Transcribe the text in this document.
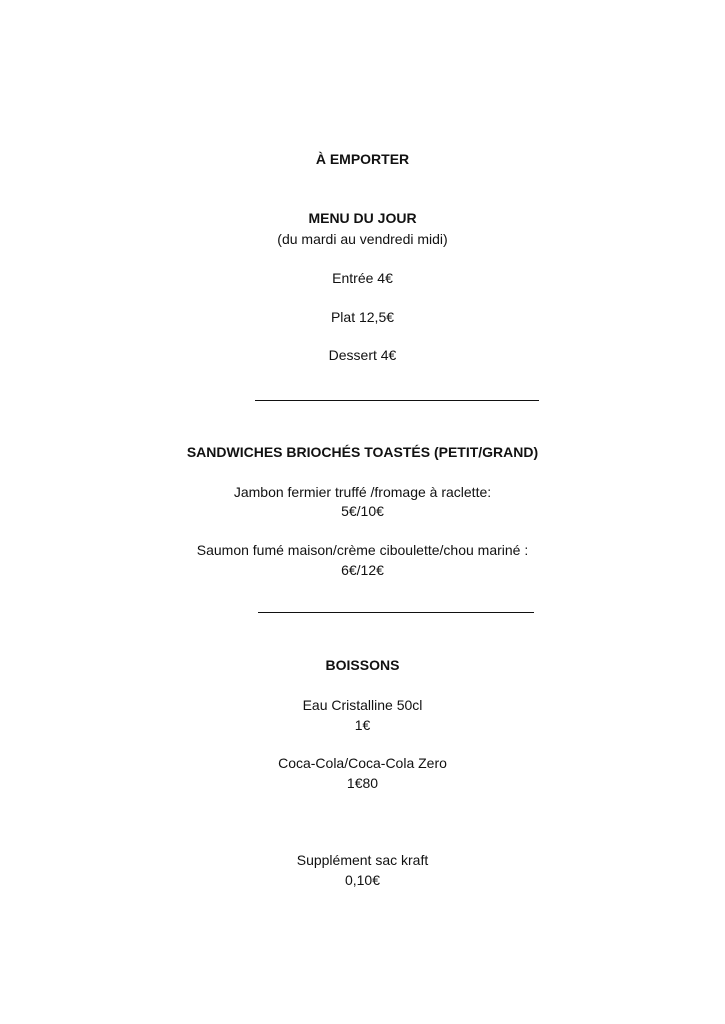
À EMPORTER
MENU DU JOUR
(du mardi au vendredi midi)
Entrée 4€
Plat 12,5€
Dessert 4€
SANDWICHES BRIOCHÉS TOASTÉS (PETIT/GRAND)
Jambon fermier truffé /fromage à raclette:
5€/10€
Saumon fumé maison/crème ciboulette/chou mariné :
6€/12€
BOISSONS
Eau Cristalline 50cl
1€
Coca-Cola/Coca-Cola Zero
1€80
Supplément sac kraft
0,10€
